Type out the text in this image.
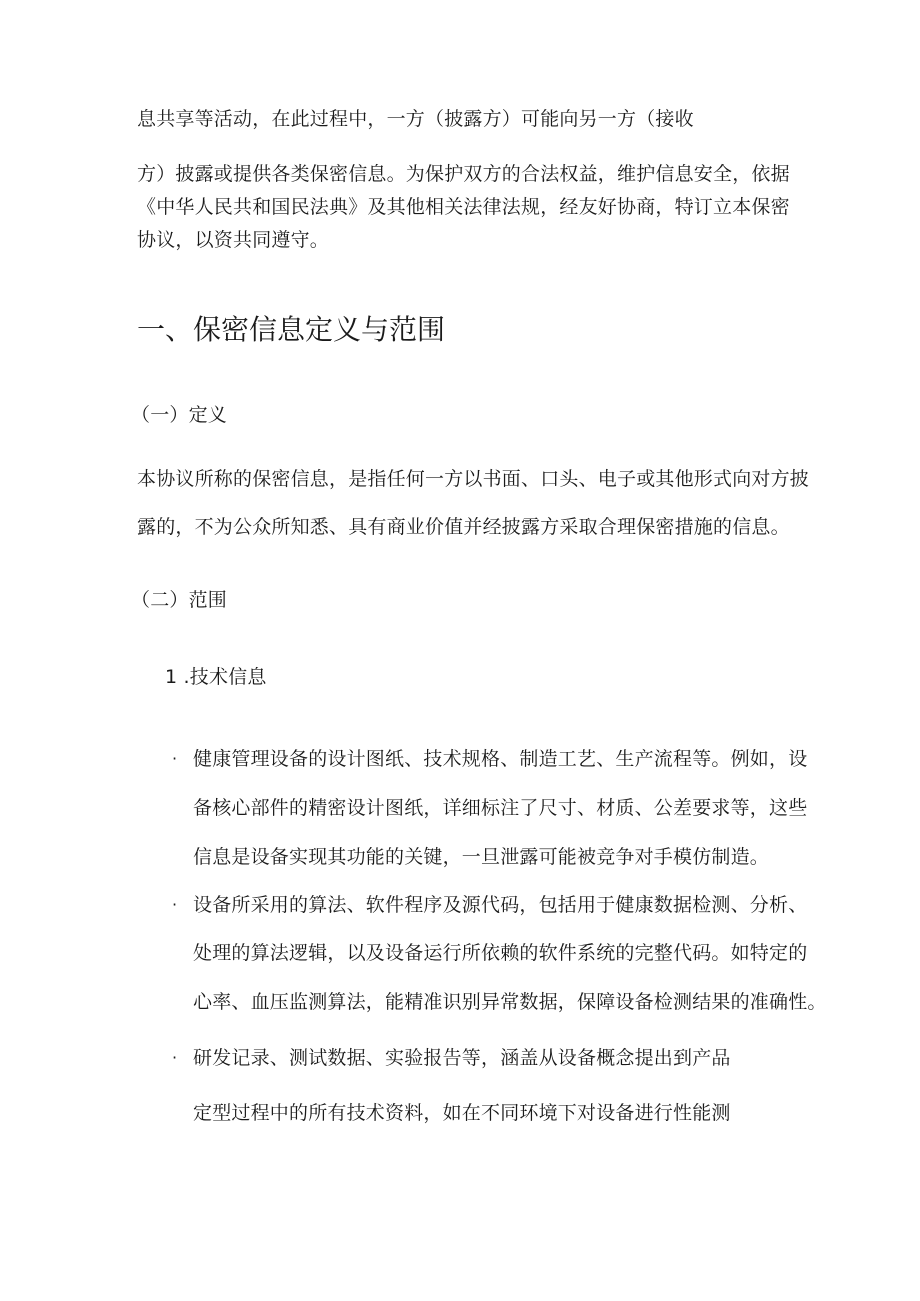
息共享等活动，在此过程中，一方（披露方）可能向另一方（接收
方）披露或提供各类保密信息。为保护双方的合法权益，维护信息安全，依据
《中华人民共和国民法典》及其他相关法律法规，经友好协商，特订立本保密
协议，以资共同遵守。
一、保密信息定义与范围
（一）定义
本协议所称的保密信息，是指任何一方以书面、口头、电子或其他形式向对方披
露的，不为公众所知悉、具有商业价值并经披露方采取合理保密措施的信息。
（二）范围
1 .技术信息
· 健康管理设备的设计图纸、技术规格、制造工艺、生产流程等。例如，设
备核心部件的精密设计图纸，详细标注了尺寸、材质、公差要求等，这些
信息是设备实现其功能的关键，一旦泄露可能被竞争对手模仿制造。
· 设备所采用的算法、软件程序及源代码，包括用于健康数据检测、分析、
处理的算法逻辑，以及设备运行所依赖的软件系统的完整代码。如特定的
心率、血压监测算法，能精准识别异常数据，保障设备检测结果的准确性。
· 研发记录、测试数据、实验报告等，涵盖从设备概念提出到产品
定型过程中的所有技术资料，如在不同环境下对设备进行性能测
